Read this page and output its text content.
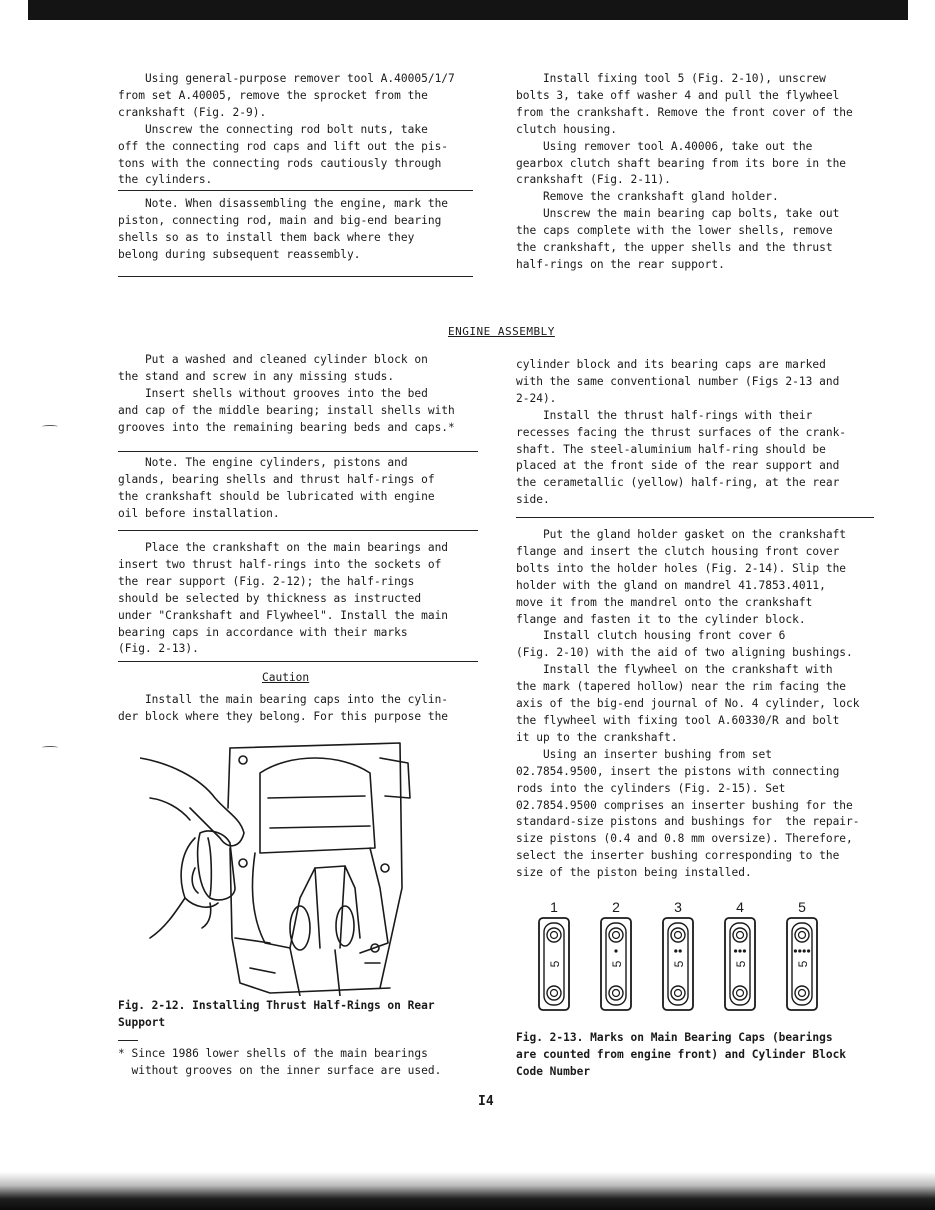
Using general-purpose remover tool A.40005/1/7
from set A.40005, remove the sprocket from the
crankshaft (Fig. 2-9).
Unscrew the connecting rod bolt nuts, take
off the connecting rod caps and lift out the pis-
tons with the connecting rods cautiously through
the cylinders.
Note. When disassembling the engine, mark the
piston, connecting rod, main and big-end bearing
shells so as to install them back where they
belong during subsequent reassembly.
Install fixing tool 5 (Fig. 2-10), unscrew
bolts 3, take off washer 4 and pull the flywheel
from the crankshaft. Remove the front cover of the
clutch housing.
Using remover tool A.40006, take out the
gearbox clutch shaft bearing from its bore in the
crankshaft (Fig. 2-11).
Remove the crankshaft gland holder.
Unscrew the main bearing cap bolts, take out
the caps complete with the lower shells, remove
the crankshaft, the upper shells and the thrust
half-rings on the rear support.
ENGINE ASSEMBLY
Put a washed and cleaned cylinder block on
the stand and screw in any missing studs.
Insert shells without grooves into the bed
and cap of the middle bearing; install shells with
grooves into the remaining bearing beds and caps.*
Note. The engine cylinders, pistons and
glands, bearing shells and thrust half-rings of
the crankshaft should be lubricated with engine
oil before installation.
Place the crankshaft on the main bearings and
insert two thrust half-rings into the sockets of
the rear support (Fig. 2-12); the half-rings
should be selected by thickness as instructed
under "Crankshaft and Flywheel". Install the main
bearing caps in accordance with their marks
(Fig. 2-13).
Caution
Install the main bearing caps into the cylin-
der block where they belong. For this purpose the
Fig. 2-12. Installing Thrust Half-Rings on Rear
Support
* Since 1986 lower shells of the main bearings
without grooves on the inner surface are used.
cylinder block and its bearing caps are marked
with the same conventional number (Figs 2-13 and
2-24).
Install the thrust half-rings with their
recesses facing the thrust surfaces of the crank-
shaft. The steel-aluminium half-ring should be
placed at the front side of the rear support and
the cerametallic (yellow) half-ring, at the rear
side.
Put the gland holder gasket on the crankshaft
flange and insert the clutch housing front cover
bolts into the holder holes (Fig. 2-14). Slip the
holder with the gland on mandrel 41.7853.4011,
move it from the mandrel onto the crankshaft
flange and fasten it to the cylinder block.
Install clutch housing front cover 6
(Fig. 2-10) with the aid of two aligning bushings.
Install the flywheel on the crankshaft with
the mark (tapered hollow) near the rim facing the
axis of the big-end journal of No. 4 cylinder, lock
the flywheel with fixing tool A.60330/R and bolt
it up to the crankshaft.
Using an inserter bushing from set
02.7854.9500, insert the pistons with connecting
rods into the cylinders (Fig. 2-15). Set
02.7854.9500 comprises an inserter bushing for the
standard-size pistons and bushings for  the repair-
size pistons (0.4 and 0.8 mm oversize). Therefore,
select the inserter bushing corresponding to the
size of the piston being installed.
1
5
2
5
3
5
4
5
5
5
Fig. 2-13. Marks on Main Bearing Caps (bearings
are counted from engine front) and Cylinder Block
Code Number
I4
